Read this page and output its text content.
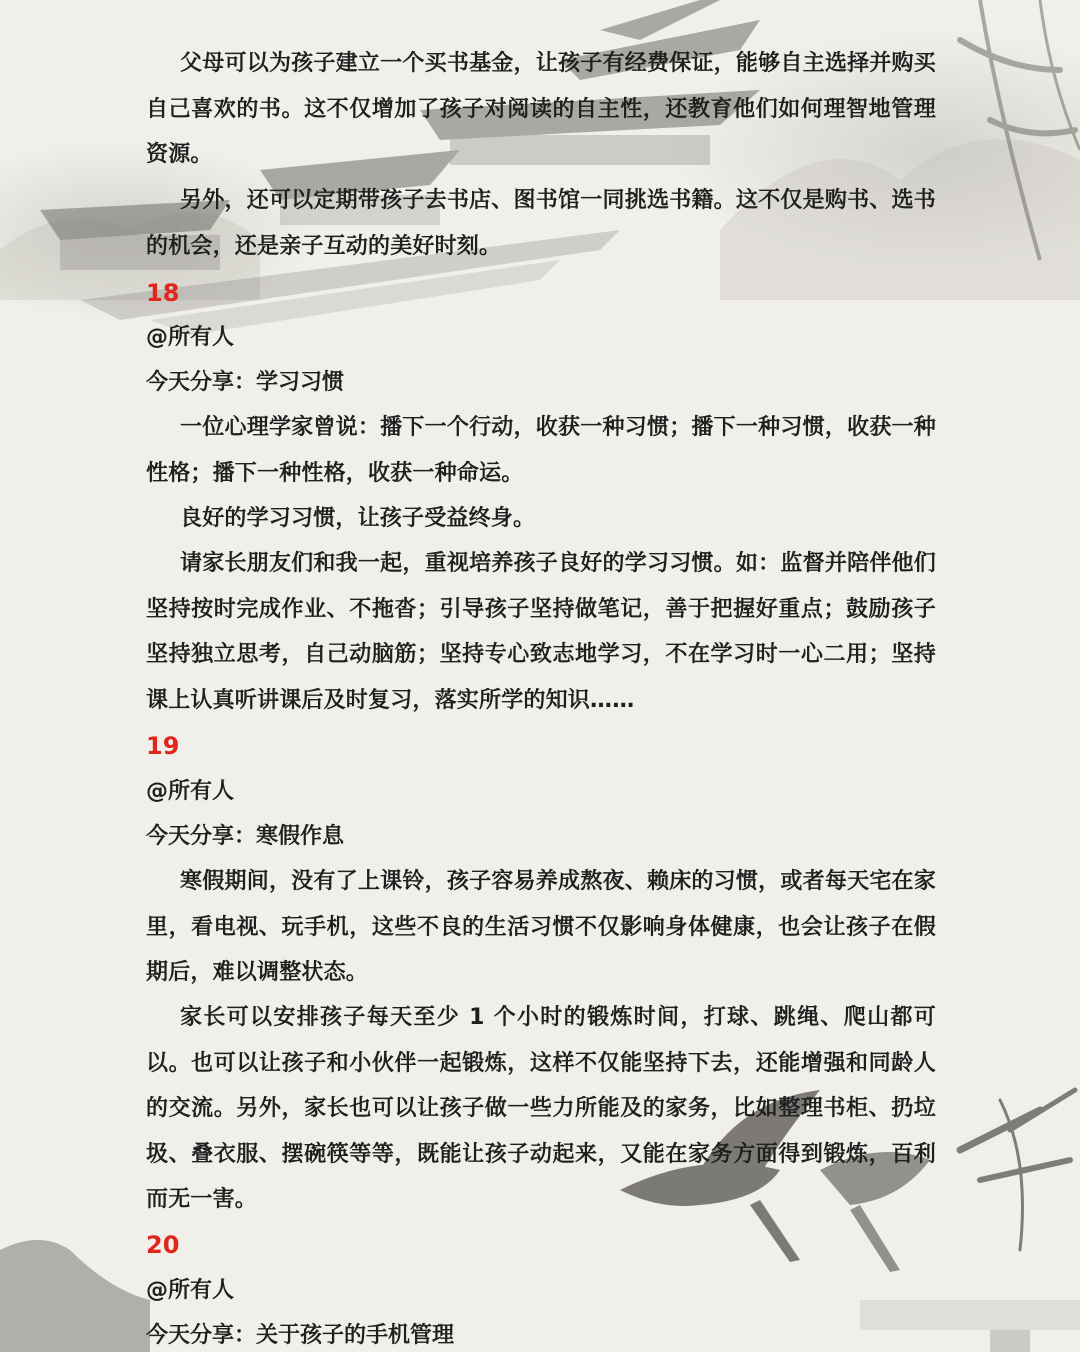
父母可以为孩子建立一个买书基金，让孩子有经费保证，能够自主选择并购买自己喜欢的书。这不仅增加了孩子对阅读的自主性，还教育他们如何理智地管理资源。
另外，还可以定期带孩子去书店、图书馆一同挑选书籍。这不仅是购书、选书的机会，还是亲子互动的美好时刻。
18
@所有人
今天分享：学习习惯
一位心理学家曾说：播下一个行动，收获一种习惯；播下一种习惯，收获一种性格；播下一种性格，收获一种命运。
良好的学习习惯，让孩子受益终身。
请家长朋友们和我一起，重视培养孩子良好的学习习惯。如：监督并陪伴他们坚持按时完成作业、不拖沓；引导孩子坚持做笔记，善于把握好重点；鼓励孩子坚持独立思考，自己动脑筋；坚持专心致志地学习，不在学习时一心二用；坚持课上认真听讲课后及时复习，落实所学的知识……
19
@所有人
今天分享：寒假作息
寒假期间，没有了上课铃，孩子容易养成熬夜、赖床的习惯，或者每天宅在家里，看电视、玩手机，这些不良的生活习惯不仅影响身体健康，也会让孩子在假期后，难以调整状态。
家长可以安排孩子每天至少 1 个小时的锻炼时间，打球、跳绳、爬山都可以。也可以让孩子和小伙伴一起锻炼，这样不仅能坚持下去，还能增强和同龄人的交流。另外，家长也可以让孩子做一些力所能及的家务，比如整理书柜、扔垃圾、叠衣服、摆碗筷等等，既能让孩子动起来，又能在家务方面得到锻炼，百利而无一害。
20
@所有人
今天分享：关于孩子的手机管理
